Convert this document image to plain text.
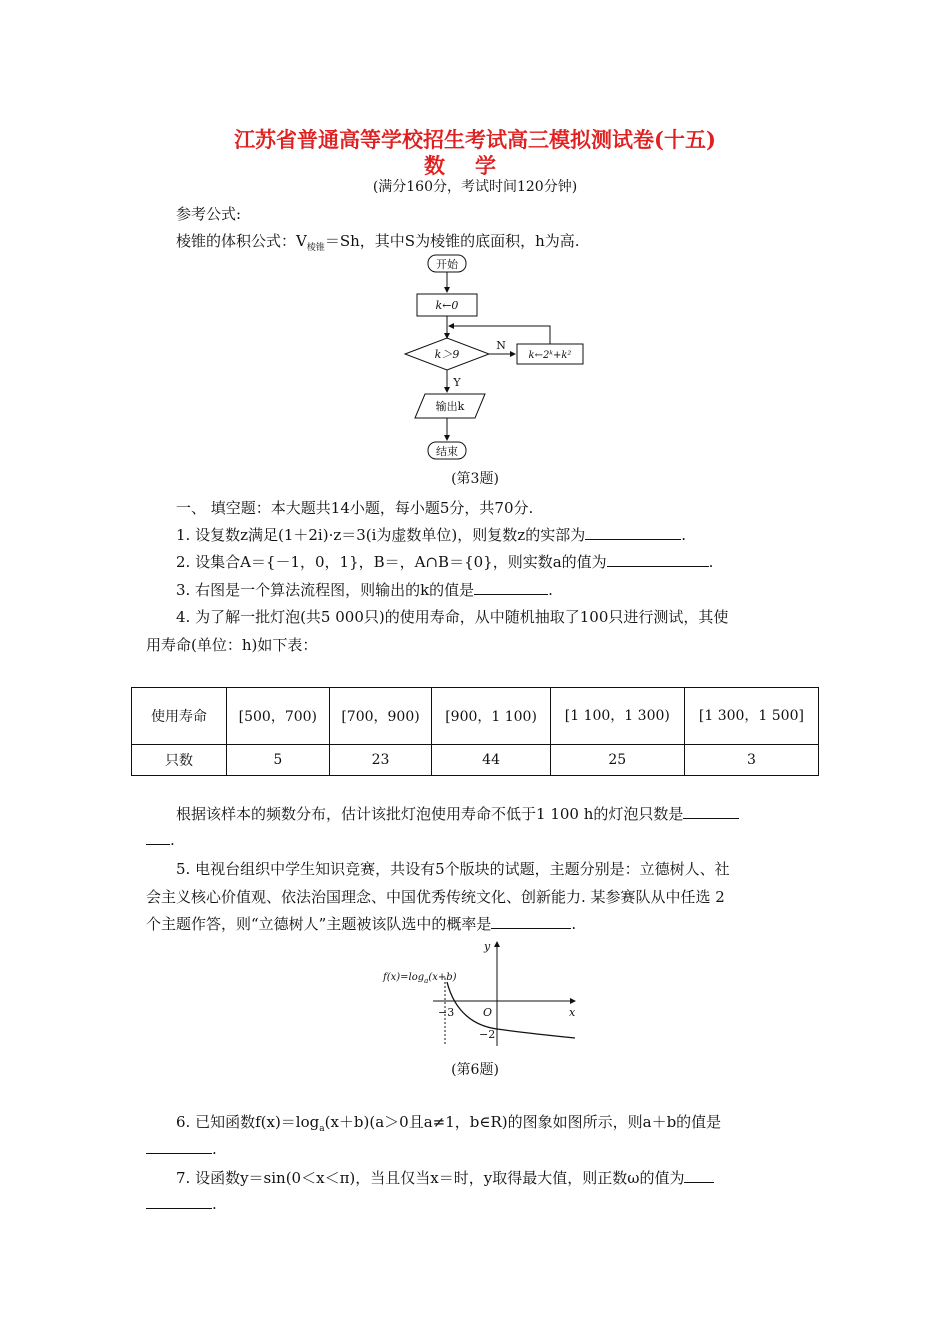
江苏省普通高等学校招生考试高三模拟测试卷(十五)
数学
(满分160分，考试时间120分钟)
参考公式:
棱锥的体积公式：$V_{棱锥}=Sh$，其中S为棱锥的底面积，h为高.
开始
k←0
k＞9
N
Y
k←2ᵏ+k²
输出k
结束
(第3题)
一、 填空题：本大题共14小题，每小题5分，共70分.
1. 设复数z满足(1＋2i)·z＝3(i为虚数单位)，则复数z的实部为	.
2. 设集合A＝{－1，0，1}，B＝，A∩B＝{0}，则实数a的值为	.
3. 右图是一个算法流程图，则输出的k的值是	.
4. 为了解一批灯泡(共5 000只)的使用寿命，从中随机抽取了100只进行测试，其使
用寿命(单位：h)如下表：
使用寿命	[500，700)	[700，900)	[900，1 100)	[1 100，1 300)	[1 300，1 500]
只数	5	23	44	25	3
根据该样本的频数分布，估计该批灯泡使用寿命不低于1 100 h的灯泡只数是
.
5. 电视台组织中学生知识竞赛，共设有5个版块的试题，主题分别是：立德树人、社
会主义核心价值观、依法治国理念、中国优秀传统文化、创新能力. 某参赛队从中任选 2
个主题作答，则“立德树人”主题被该队选中的概率是	.
y
x
$f(x)=\log_a(x+b)$
−3	O
−2
(第6题)
6. 已知函数$f(x)=\log_a(x+b)(a>0$且a≠1，b∈R)的图象如图所示，则a＋b的值是
.
7. 设函数y＝sin(0＜x＜π)，当且仅当x＝时，y取得最大值，则正数ω的值为
.
